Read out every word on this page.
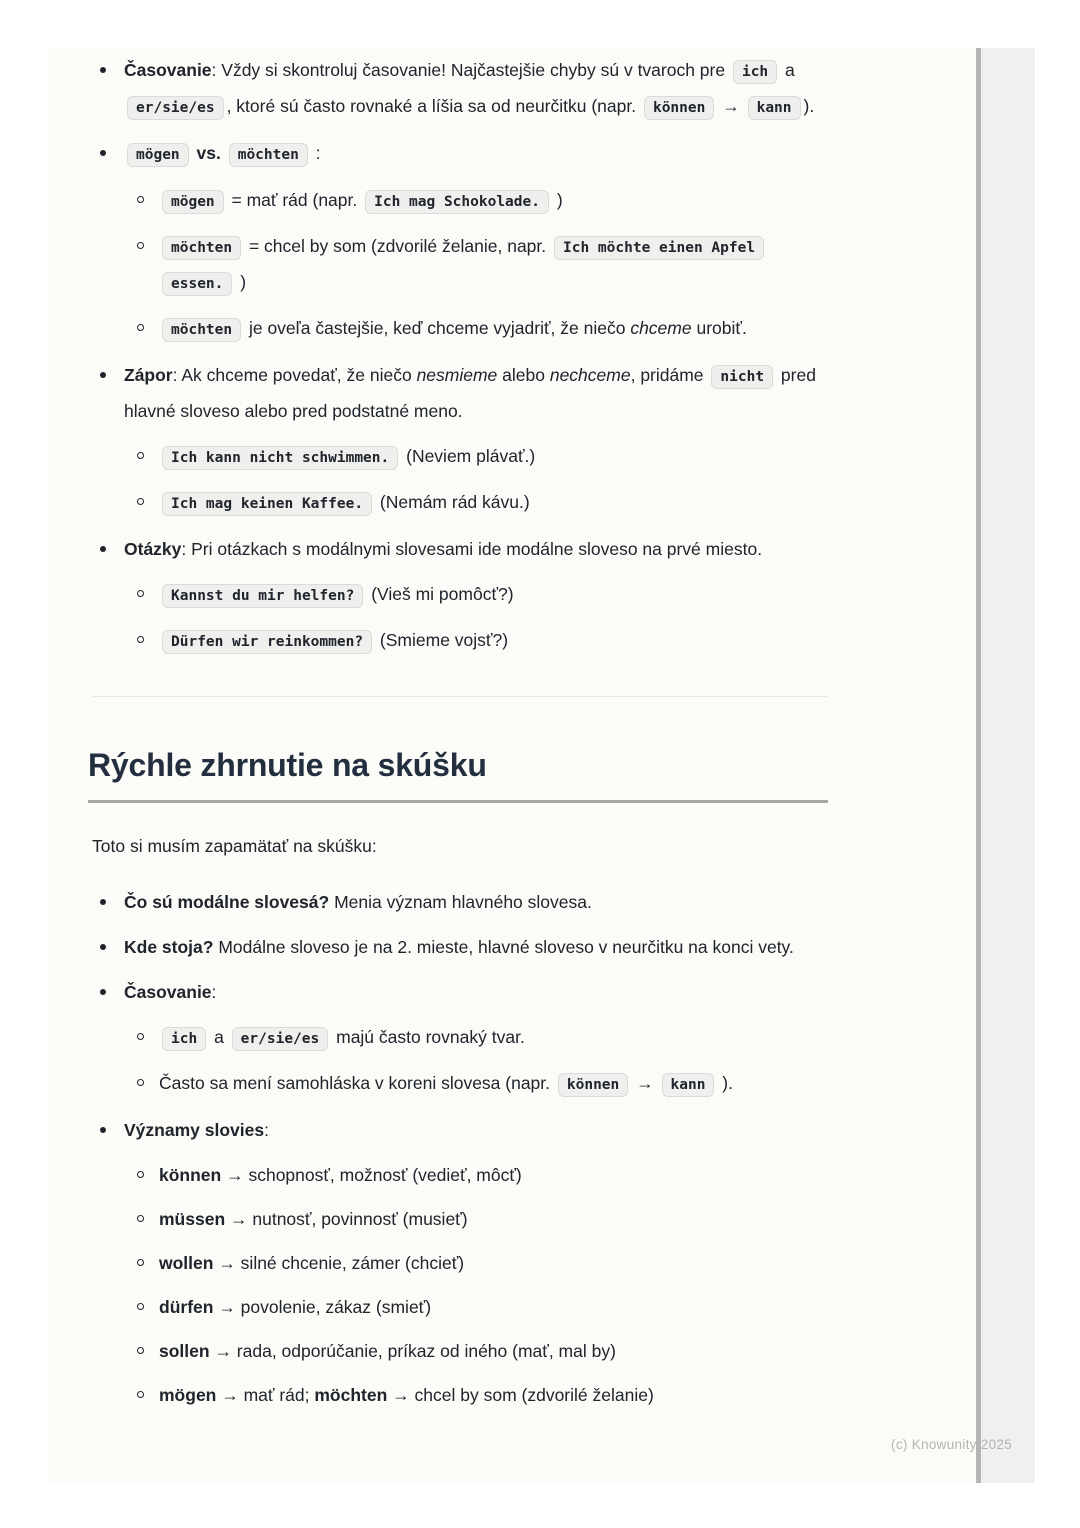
Časovanie: Vždy si skontroluj časovanie! Najčastejšie chyby sú v tvaroch pre ich a er/sie/es , ktoré sú často rovnaké a líšia sa od neurčitku (napr. können → kann ).
mögen vs. möchten :
mögen = mať rád (napr. Ich mag Schokolade. )
möchten = chcel by som (zdvorilé želanie, napr. Ich möchte einen Apfel essen. )
möchten je oveľa častejšie, keď chceme vyjadriť, že niečo chceme urobiť.
Zápor: Ak chceme povedať, že niečo nesmieme alebo nechceme, pridáme nicht pred hlavné sloveso alebo pred podstatné meno.
Ich kann nicht schwimmen. (Neviem plávať.)
Ich mag keinen Kaffee. (Nemám rád kávu.)
Otázky: Pri otázkach s modálnymi slovesami ide modálne sloveso na prvé miesto.
Kannst du mir helfen? (Vieš mi pomôcť?)
Dürfen wir reinkommen? (Smieme vojsť?)
Rýchle zhrnutie na skúšku

Toto si musím zapamätať na skúšku:

Čo sú modálne slovesá? Menia význam hlavného slovesa.
Kde stoja? Modálne sloveso je na 2. mieste, hlavné sloveso v neurčitku na konci vety.
Časovanie:
ich a er/sie/es majú často rovnaký tvar.
Často sa mení samohláska v koreni slovesa (napr. können → kann ).
Významy slovies:
können → schopnosť, možnosť (vedieť, môcť)
müssen → nutnosť, povinnosť (musieť)
wollen → silné chcenie, zámer (chcieť)
dürfen → povolenie, zákaz (smieť)
sollen → rada, odporúčanie, príkaz od iného (mať, mal by)
mögen → mať rád; möchten → chcel by som (zdvorilé želanie)
(c) Knowunity 2025
